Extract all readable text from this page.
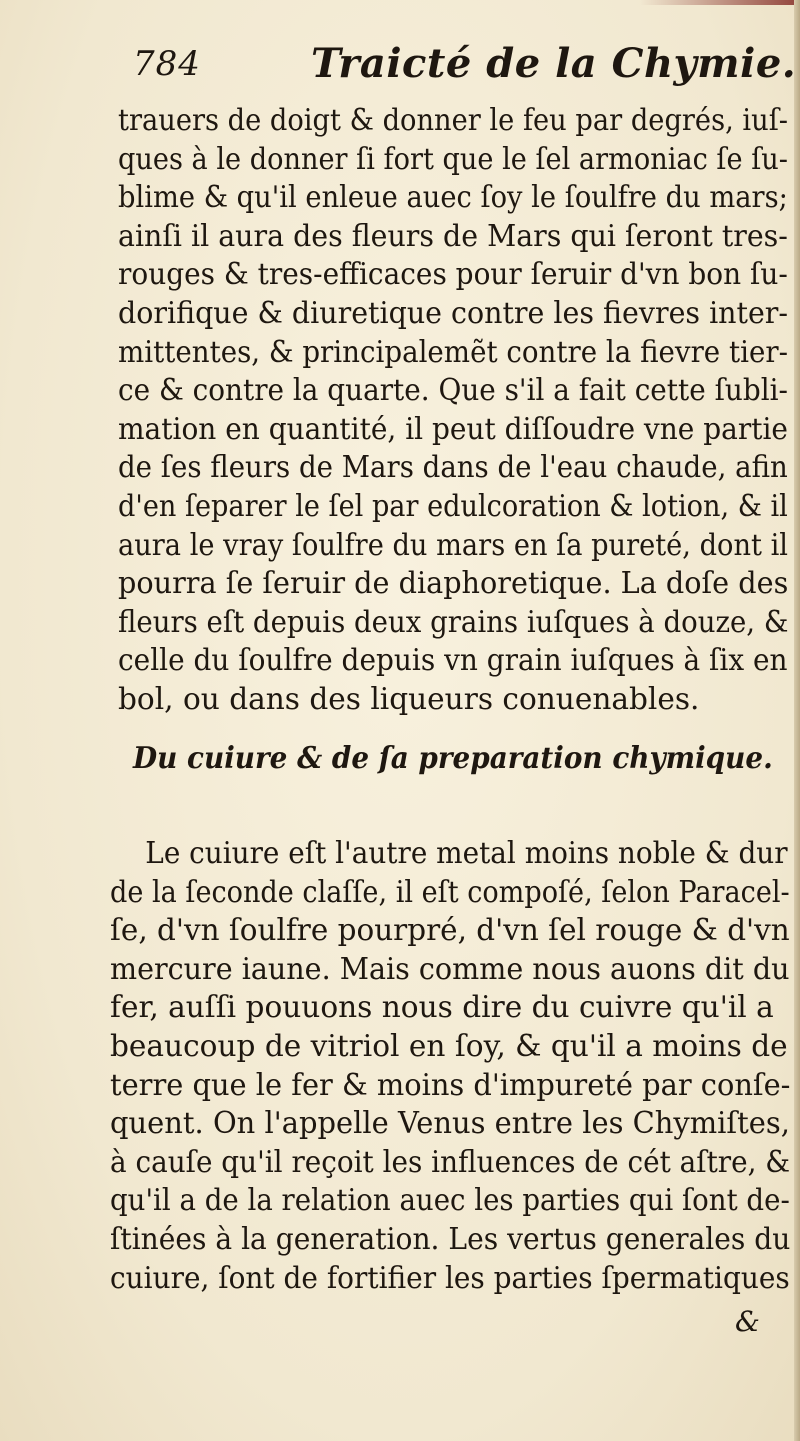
784	Traicté de la Chymie.
trauers de doigt & donner le feu par degrés, iuſ-
ques à le donner ſi fort que le ſel armoniac ſe ſu-
blime & qu'il enleue auec ſoy le ſoulfre du mars;
ainſi il aura des fleurs de Mars qui ſeront tres-
rouges & tres-efficaces pour ſeruir d'vn bon ſu-
dorifique & diuretique contre les fievres inter-
mittentes, & principalemẽt contre la fievre tier-
ce & contre la quarte. Que s'il a fait cette ſubli-
mation en quantité, il peut diſſoudre vne partie
de ſes fleurs de Mars dans de l'eau chaude, afin
d'en ſeparer le ſel par edulcoration & lotion, & il
aura le vray ſoulfre du mars en ſa pureté, dont il
pourra ſe ſeruir de diaphoretique. La doſe des
fleurs eſt depuis deux grains iuſques à douze, &
celle du ſoulfre depuis vn grain iuſques à ſix en
bol, ou dans des liqueurs conuenables.
Du cuiure & de ſa preparation chymique.
Le cuiure eſt l'autre metal moins noble & dur
de la ſeconde claſſe, il eſt compoſé, ſelon Paracel-
ſe, d'vn ſoulfre pourpré, d'vn ſel rouge & d'vn
mercure iaune. Mais comme nous auons dit du
fer, auſſi pouuons nous dire du cuivre qu'il a
beaucoup de vitriol en ſoy, & qu'il a moins de
terre que le fer & moins d'impureté par conſe-
quent. On l'appelle Venus entre les Chymiſtes,
à cauſe qu'il reçoit les influences de cét aſtre, &
qu'il a de la relation auec les parties qui ſont de-
ſtinées à la generation. Les vertus generales du
cuiure, ſont de fortifier les parties ſpermatiques
&
